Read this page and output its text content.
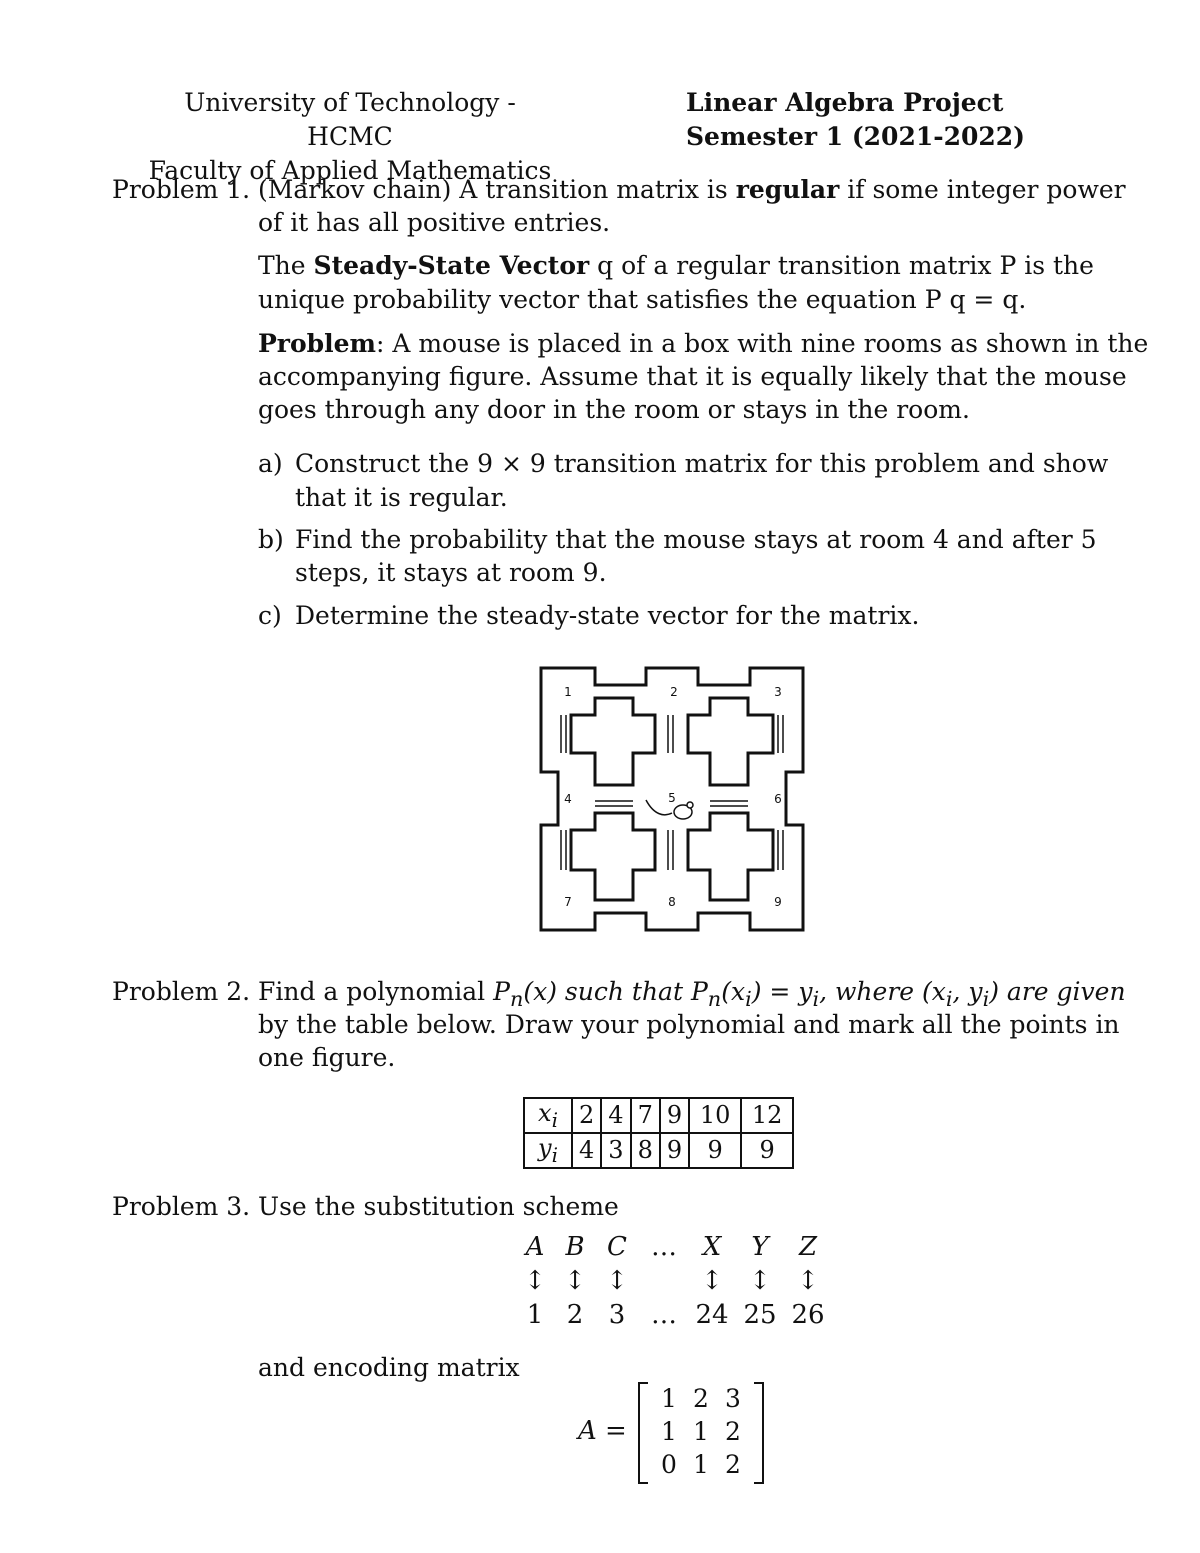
University of Technology - HCMC
Faculty of Applied Mathematics
Linear Algebra Project
Semester 1 (2021-2022)
Problem 1. (Markov chain) A transition matrix is regular if some integer power
of it has all positive entries.
The Steady-State Vector q of a regular transition matrix P is the
unique probability vector that satisfies the equation P q = q.
Problem: A mouse is placed in a box with nine rooms as shown in the
accompanying figure. Assume that it is equally likely that the mouse
goes through any door in the room or stays in the room.
a) Construct the 9 × 9 transition matrix for this problem and show
that it is regular.
b) Find the probability that the mouse stays at room 4 and after 5
steps, it stays at room 9.
c) Determine the steady-state vector for the matrix.
1	2	3
4	5	6
7	8	9
Problem 2. Find a polynomial $P_n(x)$ such that $P_n(x_i) = y_i$, where ($x_i$, $y_i$) are given
by the table below. Draw your polynomial and mark all the points in
one figure.
$x_i$	2	4	7	9	10	12
$y_i$	4	3	8	9	9	9
Problem 3. Use the substitution scheme
A B C … X	Y	Z
↕ ↕ ↕	↕	↕	↕
1 2 3 … 24 25 26
and encoding matrix
A =
1 2 3
1 1 2
0 1 2
